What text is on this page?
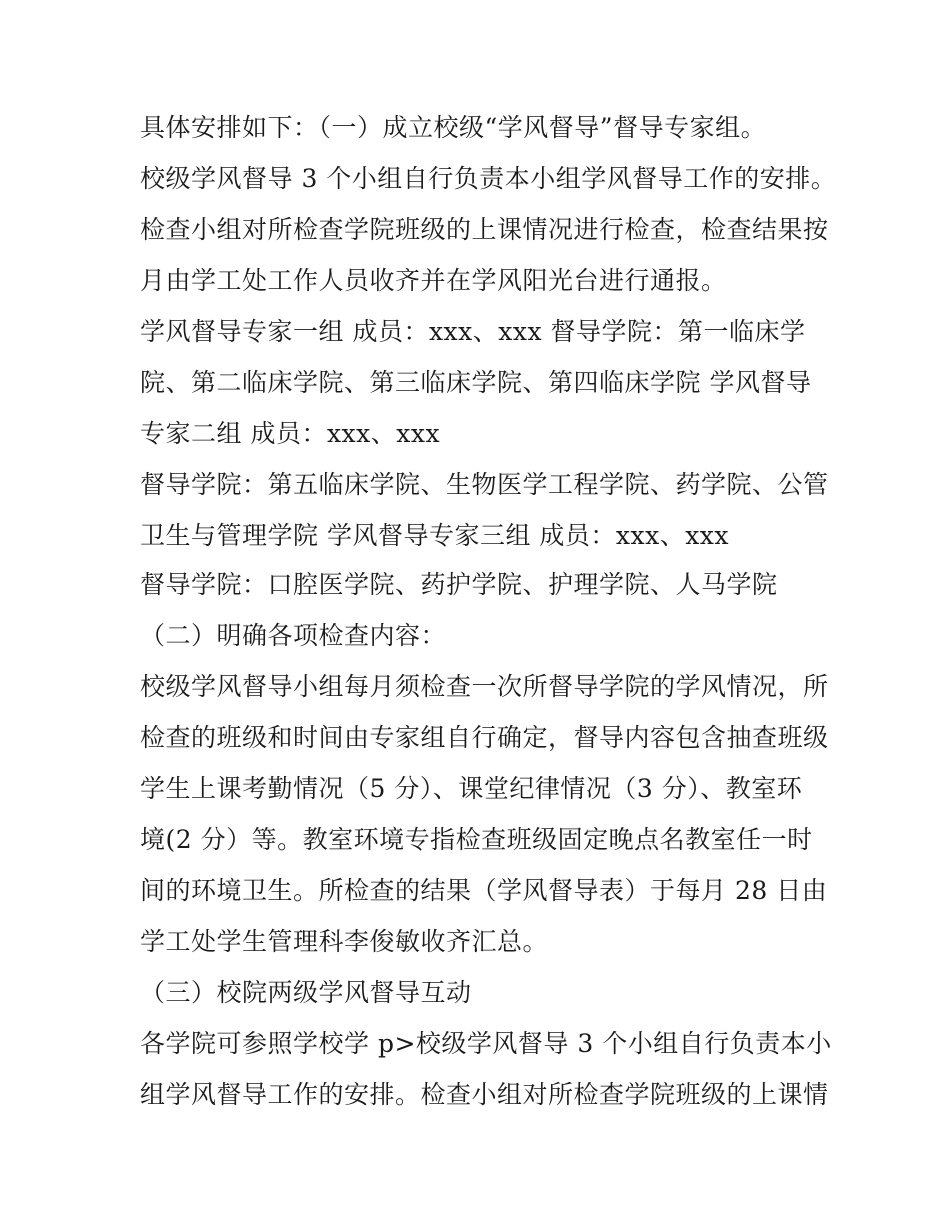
具体安排如下：（一）成立校级“学风督导”督导专家组。
校级学风督导 3 个小组自行负责本小组学风督导工作的安排。
检查小组对所检查学院班级的上课情况进行检查，检查结果按
月由学工处工作人员收齐并在学风阳光台进行通报。
学风督导专家一组 成员：xxx、xxx 督导学院：第一临床学
院、第二临床学院、第三临床学院、第四临床学院 学风督导
专家二组 成员：xxx、xxx
督导学院：第五临床学院、生物医学工程学院、药学院、公管
卫生与管理学院 学风督导专家三组 成员：xxx、xxx
督导学院：口腔医学院、药护学院、护理学院、人马学院
（二）明确各项检查内容：
校级学风督导小组每月须检查一次所督导学院的学风情况，所
检查的班级和时间由专家组自行确定，督导内容包含抽查班级
学生上课考勤情况（5 分）、课堂纪律情况（3 分）、教室环
境(2 分）等。教室环境专指检查班级固定晚点名教室任一时
间的环境卫生。所检查的结果（学风督导表）于每月 28 日由
学工处学生管理科李俊敏收齐汇总。
（三）校院两级学风督导互动
各学院可参照学校学 p>校级学风督导 3 个小组自行负责本小
组学风督导工作的安排。检查小组对所检查学院班级的上课情
